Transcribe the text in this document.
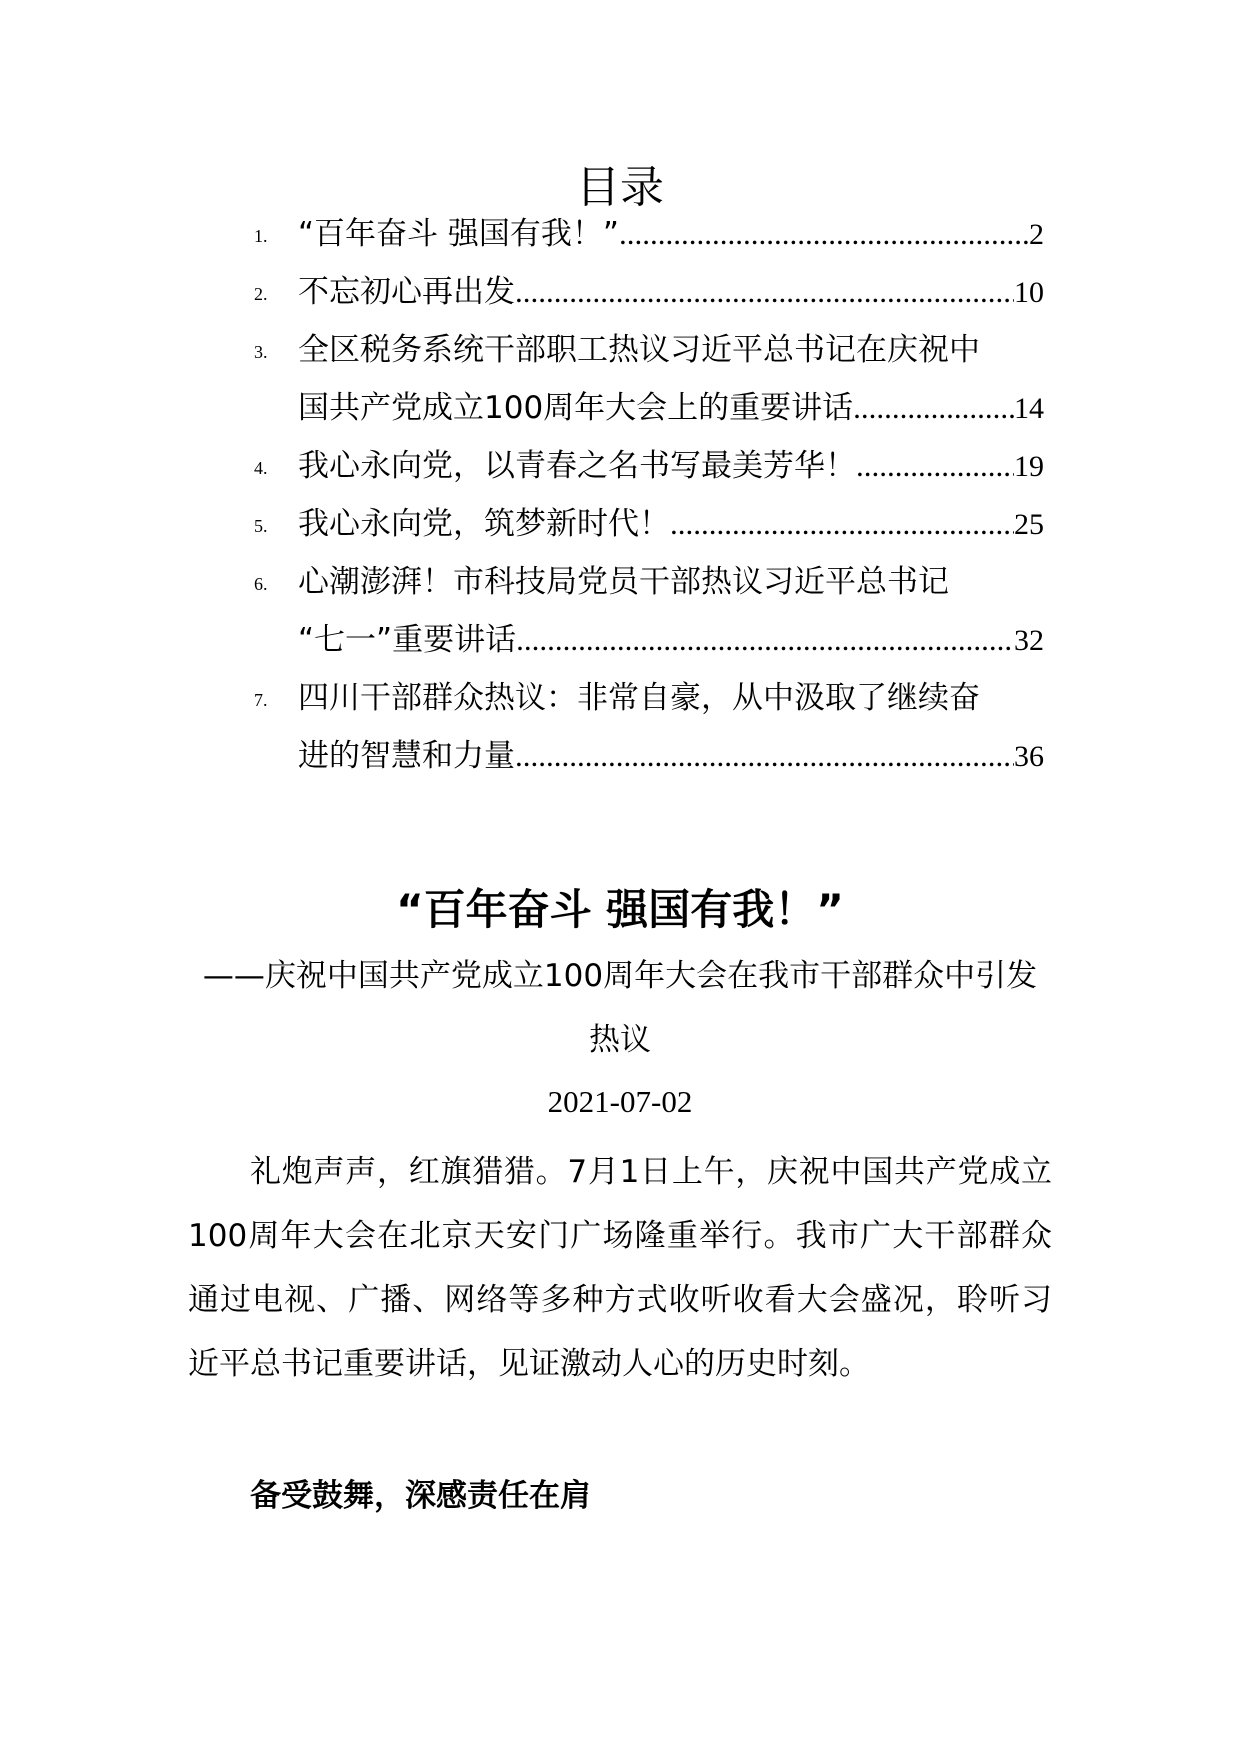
目录
1. “百年奋斗 强国有我！” .....	2
2. 不忘初心再出发 .....	10
3. 全区税务系统干部职工热议习近平总书记在庆祝中
国共产党成立100周年大会上的重要讲话 .....	14
4. 我心永向党，以青春之名书写最美芳华！ .....	19
5. 我心永向党，筑梦新时代！ .....	25
6. 心潮澎湃！市科技局党员干部热议习近平总书记
“七一”重要讲话 .....	32
7. 四川干部群众热议：非常自豪，从中汲取了继续奋
进的智慧和力量 .....	36
“百年奋斗 强国有我！”
——庆祝中国共产党成立100周年大会在我市干部群众中引发热议
2021-07-02

礼炮声声，红旗猎猎。7月1日上午，庆祝中国共产党成立100周年大会在北京天安门广场隆重举行。我市广大干部群众通过电视、广播、网络等多种方式收听收看大会盛况，聆听习近平总书记重要讲话，见证激动人心的历史时刻。

备受鼓舞，深感责任在肩
